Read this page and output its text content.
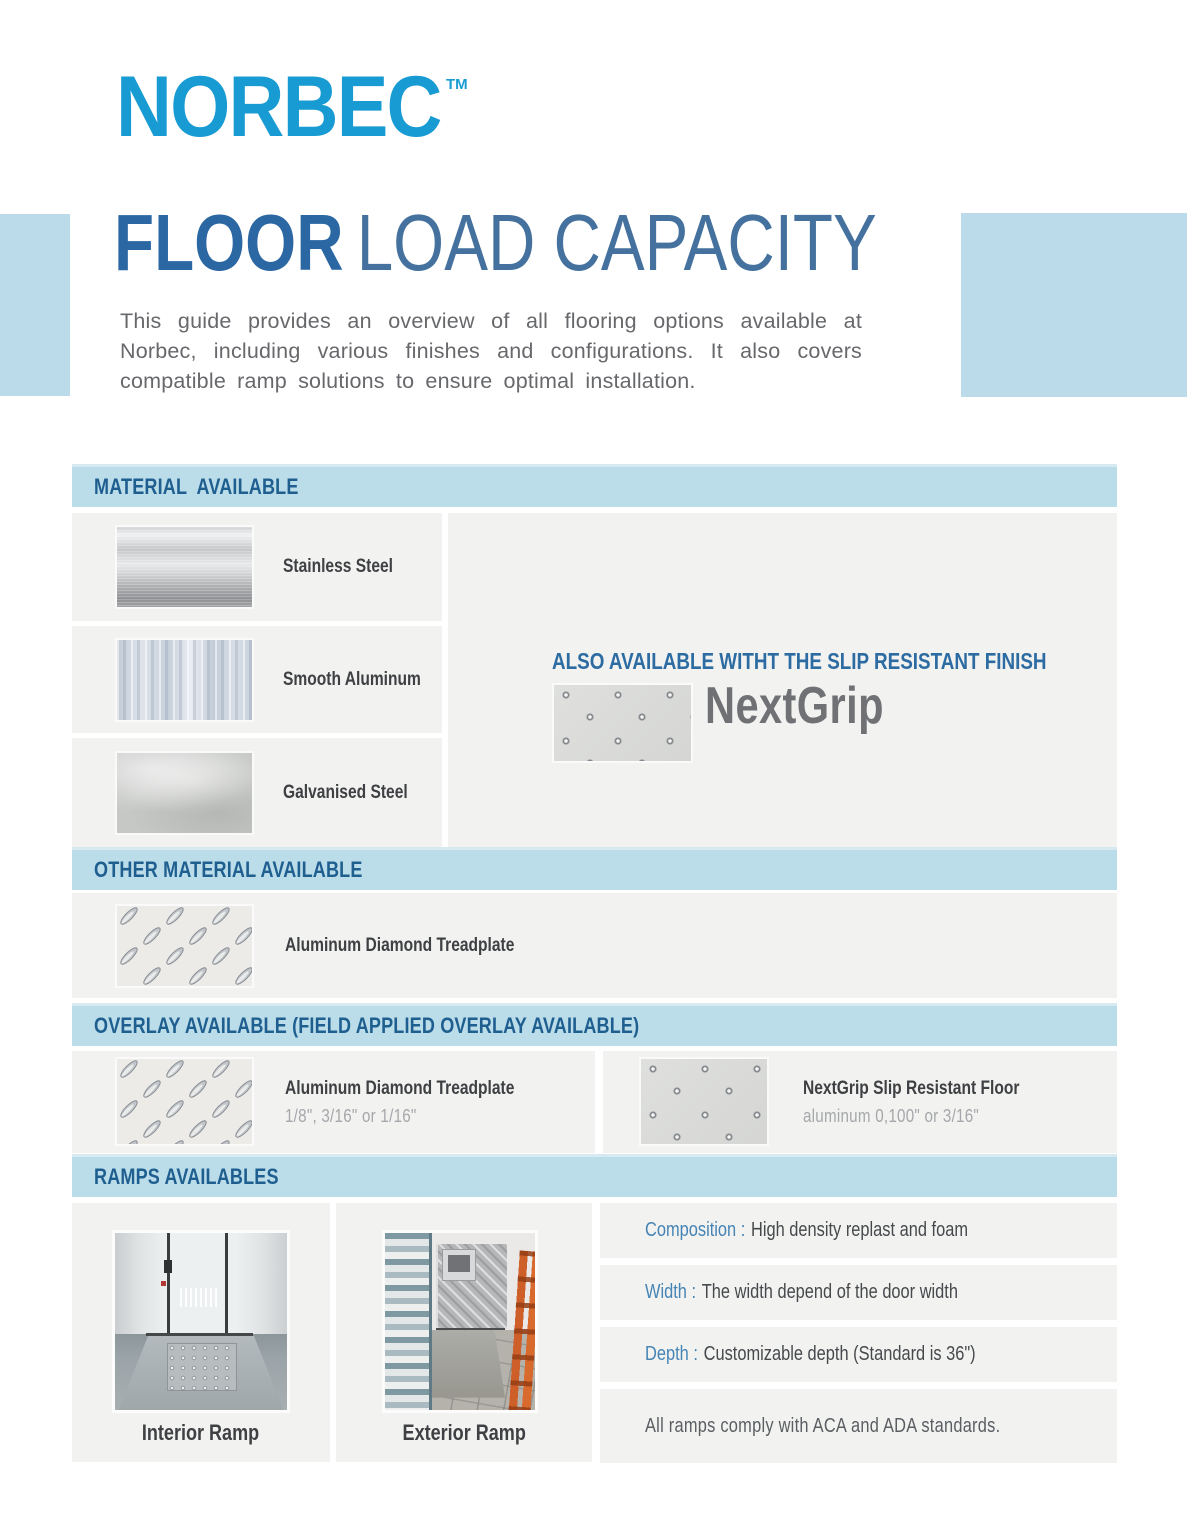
NORBEC TM
FLOOR LOAD CAPACITY

This guide provides an overview of all flooring options available at Norbec, including various finishes and configurations. It also covers compatible ramp solutions to ensure optimal installation.

MATERIAL  AVAILABLE
Stainless Steel
Smooth Aluminum
Galvanised Steel
ALSO AVAILABLE WITHT THE SLIP RESISTANT FINISH
NextGrip
OTHER MATERIAL AVAILABLE
Aluminum Diamond Treadplate
OVERLAY AVAILABLE (FIELD APPLIED OVERLAY AVAILABLE)
Aluminum Diamond Treadplate
1/8", 3/16" or 1/16"
NextGrip Slip Resistant Floor
aluminum 0,100" or 3/16"
RAMPS AVAILABLES
Interior Ramp	Exterior Ramp
Composition : High density replast and foam
Width : The width depend of the door width
Depth : Customizable depth (Standard is 36")
All ramps comply with ACA and ADA standards.
